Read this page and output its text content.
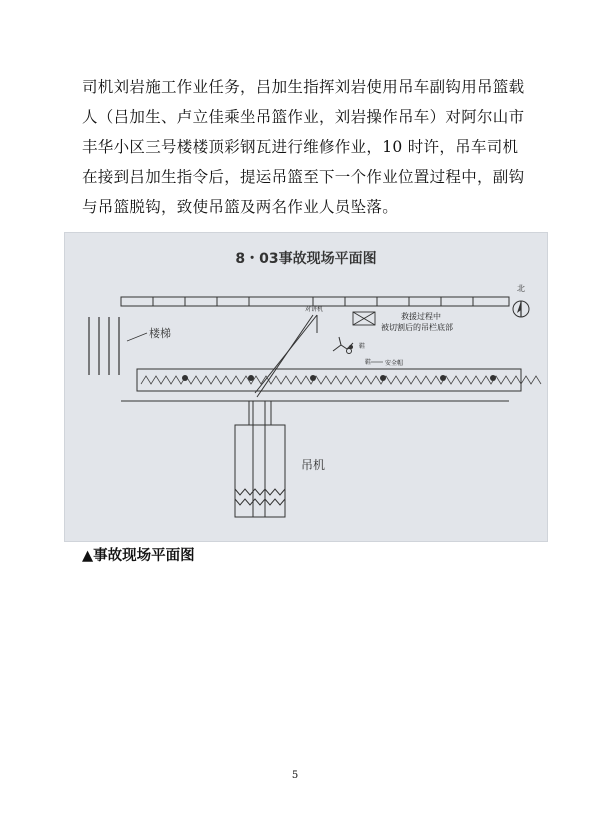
司机刘岩施工作业任务，吕加生指挥刘岩使用吊车副钩用吊篮载

人（吕加生、卢立佳乘坐吊篮作业，刘岩操作吊车）对阿尔山市

丰华小区三号楼楼顶彩钢瓦进行维修作业，10 时许，吊车司机

在接到吕加生指令后，提运吊篮至下一个作业位置过程中，副钩

与吊篮脱钩，致使吊篮及两名作业人员坠落。

8・03事故现场平面图
北
楼梯
救援过程中
被切割后的吊栏底部
对讲机
鞋
鞋 安全帽
吊机
▲事故现场平面图
5
